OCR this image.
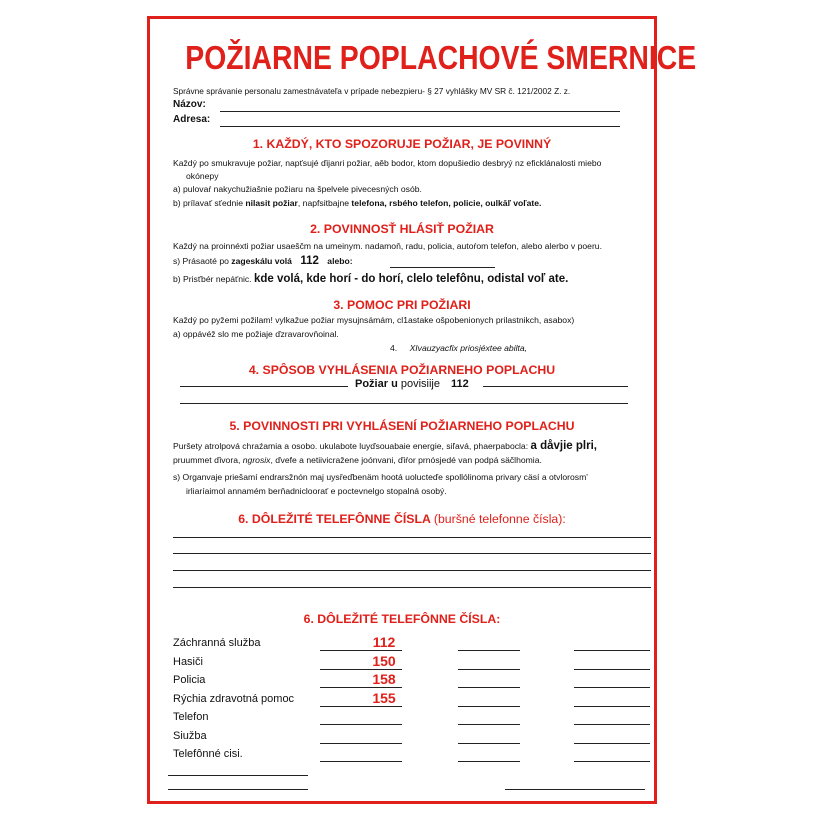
POŽIARNE POPLACHOVÉ SMERNICE
Správne správanie personalu zamestnávateľa v prípade nebezpieru- § 27 vyhlášky MV SR č. 121/2002 Z. z.
Názov:
Adresa:
1. KAŽDÝ, KTO SPOZORUJE POŽIAR, JE POVINNÝ
Každý po smukravuje požiar, napťsujé ďijanri požiar, aěb bodor, ktom dopušiedio desbryý nz eficklánalosti miebo
okónepy
a) pulovaŕ nakychužiašnie požiaru na špelvele pivecesných osób.
b) prílavať sťednie nilasit požiar, napfsitbajne telefona, rsbého telefon, policie, oulkāľ voľate.
2. POVINNOSŤ HLÁSIŤ POŽIAR
Každý na proinnéxti požiar usaeščm na umeinym. nadamoň, radu, policia, autoŕom telefon, alebo alerbo v poeru.
s) Prásaoté po zageskálu volá 112 alebo:
b) Prisťbér nepáťnic. kde volá, kde horí - do horí, clelo telefônu, odistal voľ ate.
3. POMOC PRI POŽIARI
Každý po pyžemi požilam! vylkažue požiar mysujnsámám, cl1astake ošpobenionych prilastnikch, asabox)
a) oppávéž slo me požiaje ďzravarovňoinal.
4. XIvauzyacfix priosjéxtee abilta,
4. SPÔSOB VYHLÁSENIA POŽIARNEHO POPLACHU
Požiar u povisiije 112
5. POVINNOSTI PRI VYHLÁSENÍ POŽIARNEHO POPLACHU
Puršety atrolpová chraźamia a osobo. ukulabote luyďsouabaie energie, siľavá, phaerpabocla: a dåvjie plri,
pruummet ďivora, ngrosix, ďvefe a netiivicražene joónvani, ďiŕor prnósjedé van podpá säčlhomia.
s) Organvaje priešamí endrarsžnón maj uysřeďbenäm hootá uolucteďe spollólinoma privary cäsí a otvlorosm'
irliaríaimol annamém berňadnicloorať e poctevnelgo stopalná osobý.
6. DÔLEŽITÉ TELEFÔNNE ČÍSLA (buršné telefonne čísla):
6. DÔLEŽITÉ TELEFÔNNE ČÍSLA:
Záchranná služba	112
Hasiči	150
Policia	158
Rýchia zdravotná pomoc	155
Telefon
Siužba
Telefônné cisi.
